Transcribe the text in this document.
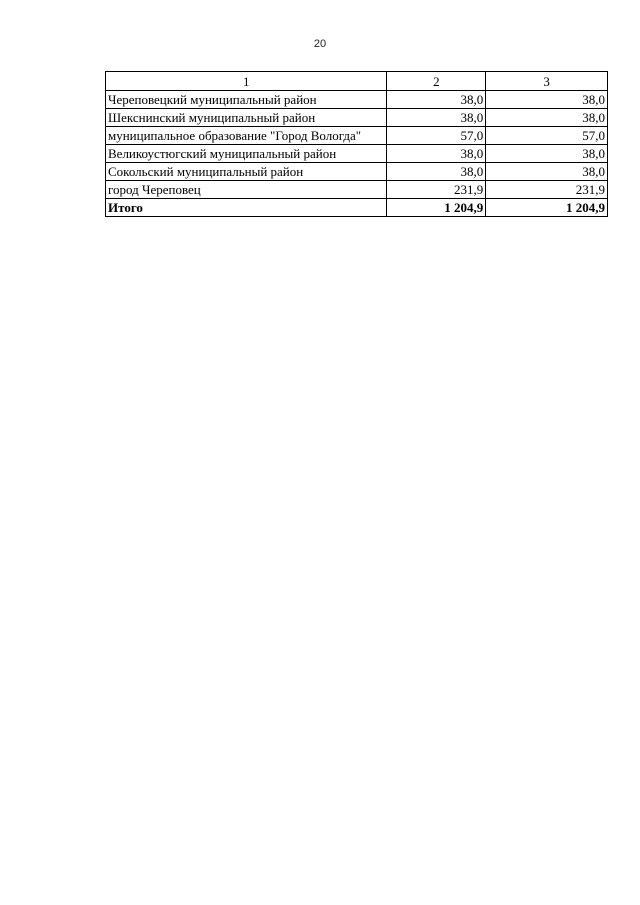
20
1	2	3
Череповецкий муниципальный район	38,0	38,0
Шекснинский муниципальный район	38,0	38,0
муниципальное образование "Город Вологда"	57,0	57,0
Великоустюгский муниципальный район	38,0	38,0
Сокольский муниципальный район	38,0	38,0
город Череповец	231,9	231,9
Итого	1 204,9	1 204,9
